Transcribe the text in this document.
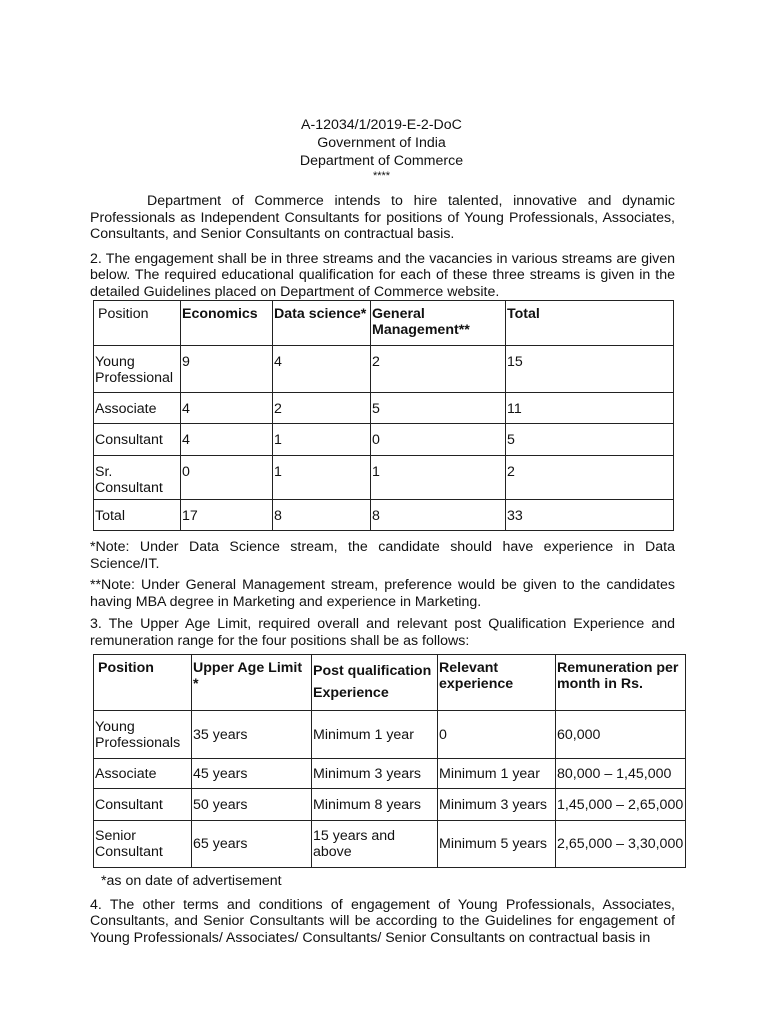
A-12034/1/2019-E-2-DoC
Government of India
Department of Commerce
****
Department of Commerce intends to hire talented, innovative and dynamic Professionals as Independent Consultants for positions of Young Professionals, Associates, Consultants, and Senior Consultants on contractual basis.
2. The engagement shall be in three streams and the vacancies in various streams are given below. The required educational qualification for each of these three streams is given in the detailed Guidelines placed on Department of Commerce website.
Position	Economics	Data science*	General Management**	Total
Young Professional	9	4	2	15
Associate	4	2	5	11
Consultant	4	1	0	5
Sr. Consultant	0	1	1	2
Total	17	8	8	33
*Note: Under Data Science stream, the candidate should have experience in Data Science/IT.
**Note: Under General Management stream, preference would be given to the candidates having MBA degree in Marketing and experience in Marketing.
3. The Upper Age Limit, required overall and relevant post Qualification Experience and remuneration range for the four positions shall be as follows:
Position	Upper Age Limit *	Post qualification Experience	Relevant experience	Remuneration per month in Rs.
Young Professionals	35 years	Minimum 1 year	0	60,000
Associate	45 years	Minimum 3 years	Minimum 1 year	80,000 – 1,45,000
Consultant	50 years	Minimum 8 years	Minimum 3 years	1,45,000 – 2,65,000
Senior Consultant	65 years	15 years and above	Minimum 5 years	2,65,000 – 3,30,000
*as on date of advertisement
4. The other terms and conditions of engagement of Young Professionals, Associates, Consultants, and Senior Consultants will be according to the Guidelines for engagement of Young Professionals/ Associates/ Consultants/ Senior Consultants on contractual basis in
